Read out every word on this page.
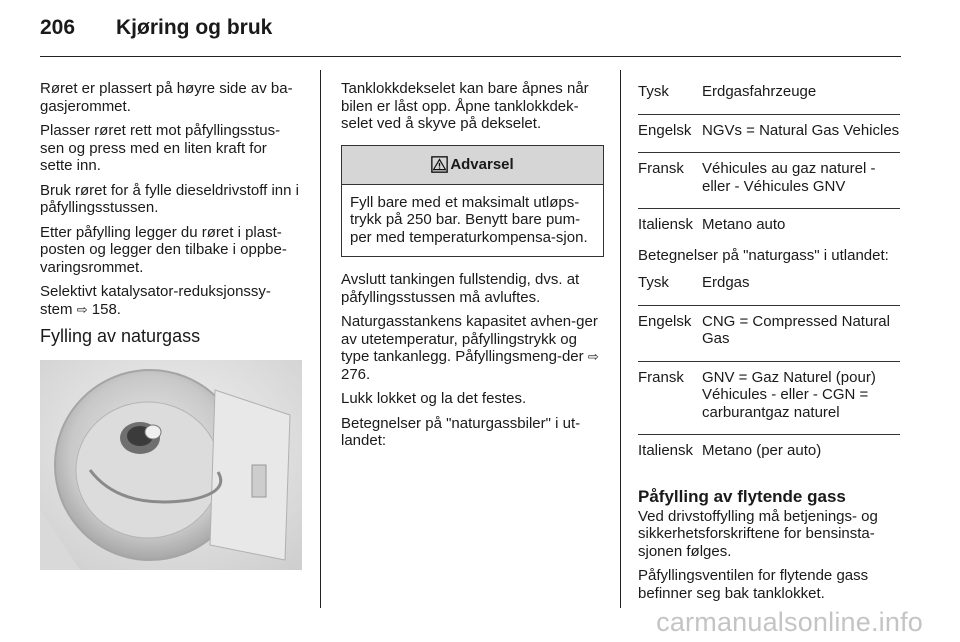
206 Kjøring og bruk

Røret er plassert på høyre side av ba-gasjerommet.

Plasser røret rett mot påfyllingsstus-sen og press med en liten kraft for sette inn.

Bruk røret for å fylle dieseldrivstoff inn i påfyllingsstussen.

Etter påfylling legger du røret i plast-posten og legger den tilbake i oppbe-varingsrommet.

Selektivt katalysator-reduksjonssy-stem ⇨ 158.

Fylling av naturgass

Tanklokkdekselet kan bare åpnes når bilen er låst opp. Åpne tanklokkdek-selet ved å skyve på dekselet.

Advarsel
Fyll bare med et maksimalt utløps-trykk på 250 bar. Benytt bare pum-per med temperaturkompensa-sjon.

Avslutt tankingen fullstendig, dvs. at påfyllingsstussen må avluftes.

Naturgasstankens kapasitet avhen-ger av utetemperatur, påfyllingstrykk og type tankanlegg. Påfyllingsmeng-der ⇨ 276.

Lukk lokket og la det festes.

Betegnelser på "naturgassbiler" i ut-landet:

Tysk	Erdgasfahrzeuge
Engelsk	NGVs = Natural Gas Vehicles
Fransk	Véhicules au gaz naturel - eller - Véhicules GNV
Italiensk	Metano auto

Betegnelser på "naturgass" i utlandet:

Tysk	Erdgas
Engelsk	CNG = Compressed Natural Gas
Fransk	GNV = Gaz Naturel (pour) Véhicules - eller - CGN = carburantgaz naturel
Italiensk	Metano (per auto)
Påfylling av flytende gass

Ved drivstoffylling må betjenings- og sikkerhetsforskriftene for bensinsta-sjonen følges.

Påfyllingsventilen for flytende gass befinner seg bak tanklokket.

carmanualsonline.info
